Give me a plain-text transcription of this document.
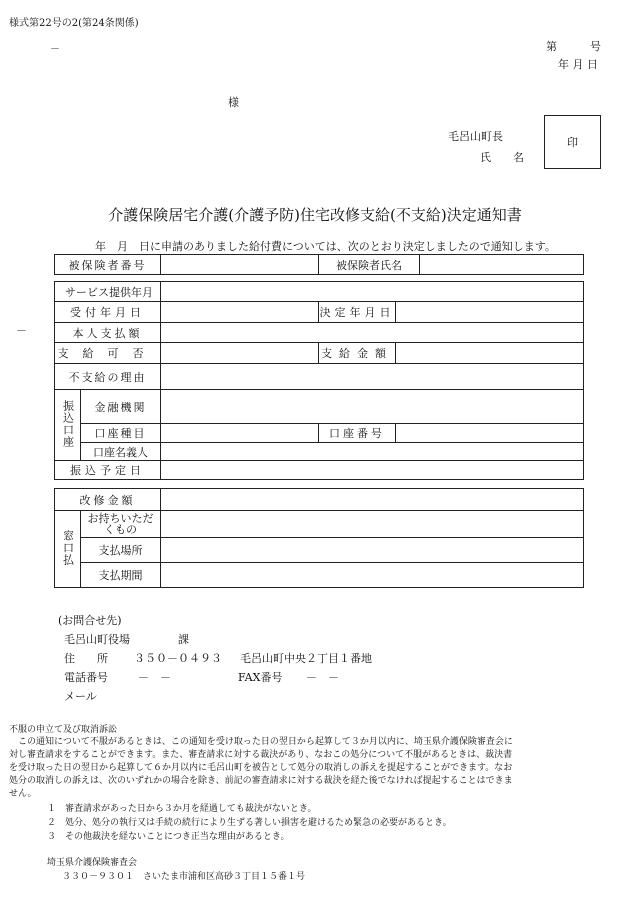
様式第22号の2(第24条関係)
－	第　　　号
年 月 日
様
毛呂山町長
氏　　名
印
介護保険居宅介護(介護予防)住宅改修支給(不支給)決定通知書
年　月　日に申請のありました給付費については、次のとおり決定しましたので通知します。
－
被保険者番号		被保険者氏名	
サービス提供年月				
受付年月日			決定年月日	
本人支払額				
支給可否			支給金額	
不支給の理由				
振込口座	金融機関			
	口座種目		口座番号	
	口座名義人			
振込予定日				
改修金額		
窓口払	お持ちいただくもの	
	支払場所	
	支払期間	
(お問合せ先)
毛呂山町役場	課
住　　所 ３５０－０４９３ 毛呂山町中央２丁目１番地
電話番号	－　－	FAX番号 －　－
メール
不服の申立て及び取消訴訟
　この通知について不服があるときは、この通知を受け取った日の翌日から起算して３か月以内に、埼玉県介護保険審査会に
対し審査請求をすることができます。また、審査請求に対する裁決があり、なおこの処分について不服があるときは、裁決書
を受け取った日の翌日から起算して６か月以内に毛呂山町を被告として処分の取消しの訴えを提起することができます。なお
処分の取消しの訴えは、次のいずれかの場合を除き、前記の審査請求に対する裁決を経た後でなければ提起することはできま
せん。
１　審査請求があった日から３か月を経過しても裁決がないとき。
２　処分、処分の執行又は手続の続行により生ずる著しい損害を避けるため緊急の必要があるとき。
３　その他裁決を経ないことにつき正当な理由があるとき。
埼玉県介護保険審査会
３３０－９３０１　さいたま市浦和区高砂３丁目１５番１号
